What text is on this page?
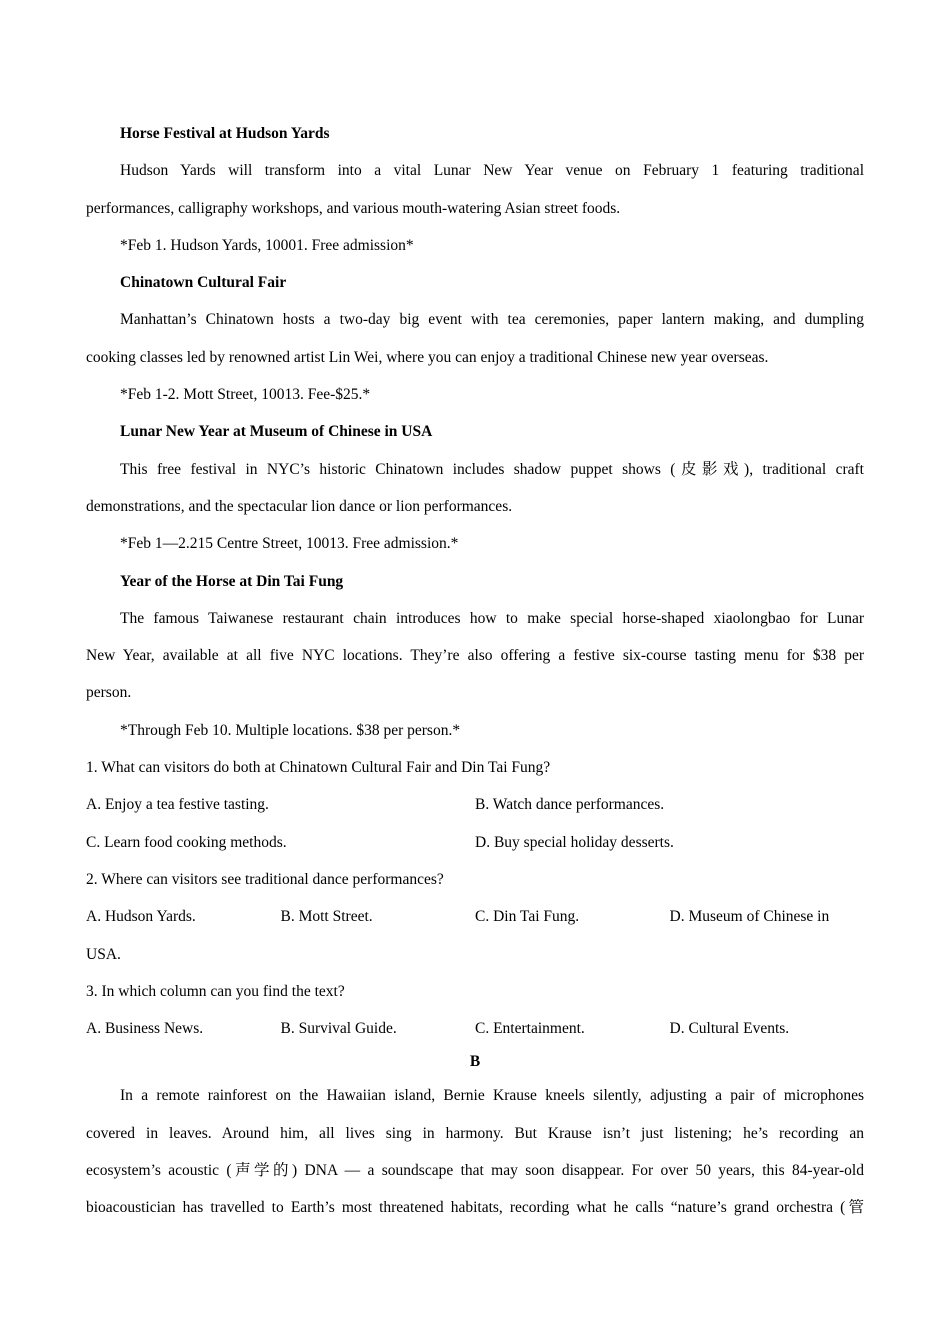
Horse Festival at Hudson Yards
Hudson Yards will transform into a vital Lunar New Year venue on February 1 featuring traditional
performances, calligraphy workshops, and various mouth-watering Asian street foods.
*Feb 1. Hudson Yards, 10001. Free admission*
Chinatown Cultural Fair
Manhattan’s Chinatown hosts a two-day big event with tea ceremonies, paper lantern making, and dumpling
cooking classes led by renowned artist Lin Wei, where you can enjoy a traditional Chinese new year overseas.
*Feb 1-2. Mott Street, 10013. Fee-$25.*
Lunar New Year at Museum of Chinese in USA
This free festival in NYC’s historic Chinatown includes shadow puppet shows (皮影戏), traditional craft
demonstrations, and the spectacular lion dance or lion performances.
*Feb 1—2.215 Centre Street, 10013. Free admission.*
Year of the Horse at Din Tai Fung
The famous Taiwanese restaurant chain introduces how to make special horse-shaped xiaolongbao for Lunar
New Year, available at all five NYC locations. They’re also offering a festive six-course tasting menu for $38 per
person.
*Through Feb 10. Multiple locations. $38 per person.*
1. What can visitors do both at Chinatown Cultural Fair and Din Tai Fung?
A. Enjoy a tea festive tasting.	B. Watch dance performances.
C. Learn food cooking methods.	D. Buy special holiday desserts.
2. Where can visitors see traditional dance performances?
A. Hudson Yards.	B. Mott Street.	C. Din Tai Fung.	D. Museum of Chinese in
USA.
3. In which column can you find the text?
A. Business News.	B. Survival Guide.	C. Entertainment.	D. Cultural Events.
B
In a remote rainforest on the Hawaiian island, Bernie Krause kneels silently, adjusting a pair of microphones
covered in leaves. Around him, all lives sing in harmony. But Krause isn’t just listening; he’s recording an
ecosystem’s acoustic (声学的) DNA — a soundscape that may soon disappear. For over 50 years, this 84-year-old
bioacoustician has travelled to Earth’s most threatened habitats, recording what he calls “nature’s grand orchestra (管
